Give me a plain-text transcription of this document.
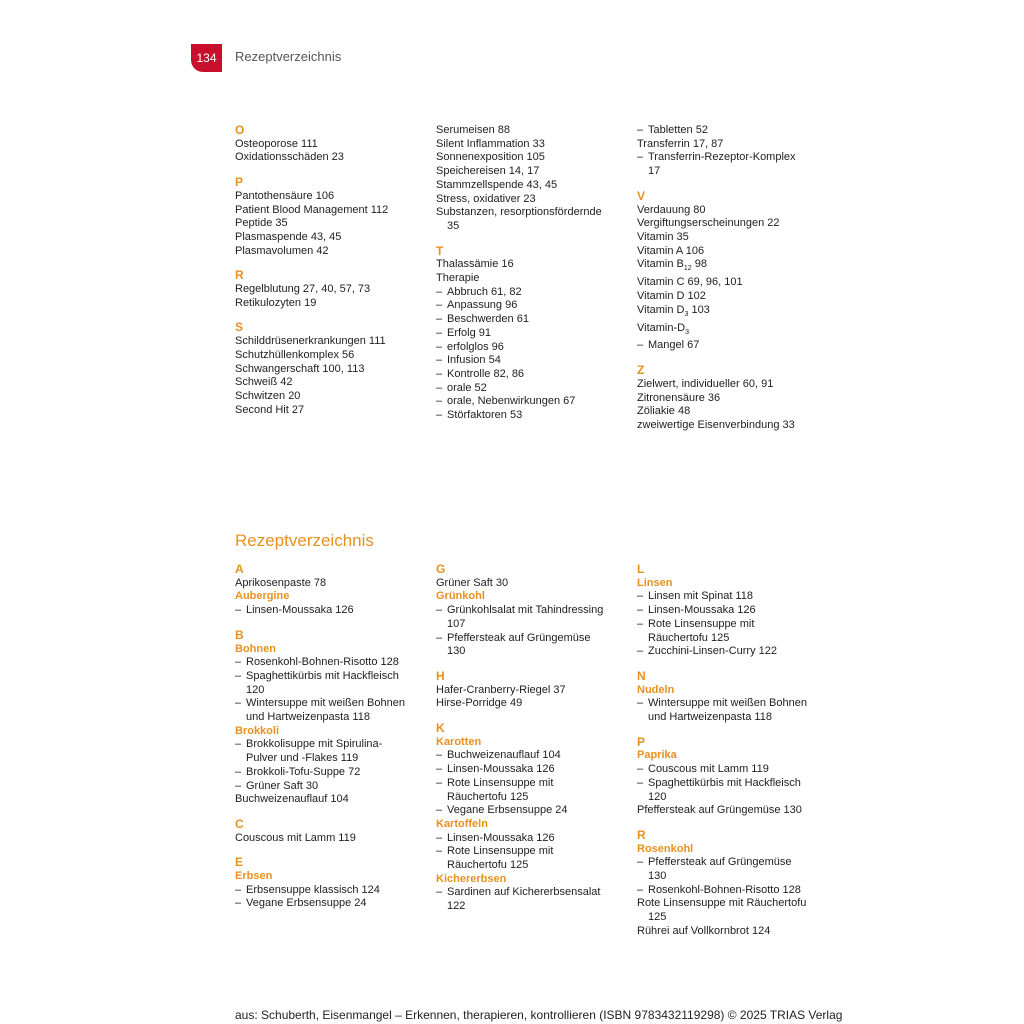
134	Rezeptverzeichnis
O
Osteoporose 111
Oxidationsschäden 23
P
Pantothensäure 106
Patient Blood Management 112
Peptide 35
Plasmaspende 43, 45
Plasmavolumen 42
R
Regelblutung 27, 40, 57, 73
Retikulozyten 19
S
Schilddrüsenerkrankungen 111
Schutzhüllenkomplex 56
Schwangerschaft 100, 113
Schweiß 42
Schwitzen 20
Second Hit 27
Serumeisen 88
Silent Inflammation 33
Sonnenexposition 105
Speichereisen 14, 17
Stammzellspende 43, 45
Stress, oxidativer 23
Substanzen, resorptionsfördernde
35
T
Thalassämie 16
Therapie
– Abbruch 61, 82
– Anpassung 96
– Beschwerden 61
– Erfolg 91
– erfolglos 96
– Infusion 54
– Kontrolle 82, 86
– orale 52
– orale, Nebenwirkungen 67
– Störfaktoren 53
– Tabletten 52
Transferrin 17, 87
– Transferrin-Rezeptor-Komplex
17
V
Verdauung 80
Vergiftungserscheinungen 22
Vitamin 35
Vitamin A 106
Vitamin $B_{12}$ 98
Vitamin C 69, 96, 101
Vitamin D 102
Vitamin $D_3$ 103
Vitamin-$D_3$
– Mangel 67
Z
Zielwert, individueller 60, 91
Zitronensäure 36
Zöliakie 48
zweiwertige Eisenverbindung 33
Rezeptverzeichnis
A
Aprikosenpaste 78
Aubergine
– Linsen-Moussaka 126
B
Bohnen
– Rosenkohl-Bohnen-Risotto 128
– Spaghettikürbis mit Hackfleisch
120
– Wintersuppe mit weißen Bohnen
und Hartweizenpasta 118
Brokkoli
– Brokkolisuppe mit Spirulina-
Pulver und -Flakes 119
– Brokkoli-Tofu-Suppe 72
– Grüner Saft 30
Buchweizenauflauf 104
C
Couscous mit Lamm 119
E
Erbsen
– Erbsensuppe klassisch 124
– Vegane Erbsensuppe 24
G
Grüner Saft 30
Grünkohl
– Grünkohlsalat mit Tahindressing
107
– Pfeffersteak auf Grüngemüse
130
H
Hafer-Cranberry-Riegel 37
Hirse-Porridge 49
K
Karotten
– Buchweizenauflauf 104
– Linsen-Moussaka 126
– Rote Linsensuppe mit
Räuchertofu 125
– Vegane Erbsensuppe 24
Kartoffeln
– Linsen-Moussaka 126
– Rote Linsensuppe mit
Räuchertofu 125
Kichererbsen
– Sardinen auf Kichererbsensalat
122
L
Linsen
– Linsen mit Spinat 118
– Linsen-Moussaka 126
– Rote Linsensuppe mit
Räuchertofu 125
– Zucchini-Linsen-Curry 122
N
Nudeln
– Wintersuppe mit weißen Bohnen
und Hartweizenpasta 118
P
Paprika
– Couscous mit Lamm 119
– Spaghettikürbis mit Hackfleisch
120
Pfeffersteak auf Grüngemüse 130
R
Rosenkohl
– Pfeffersteak auf Grüngemüse
130
– Rosenkohl-Bohnen-Risotto 128
Rote Linsensuppe mit Räuchertofu
125
Rührei auf Vollkornbrot 124
aus: Schuberth, Eisenmangel – Erkennen, therapieren, kontrollieren (ISBN 9783432119298) © 2025 TRIAS Verlag
